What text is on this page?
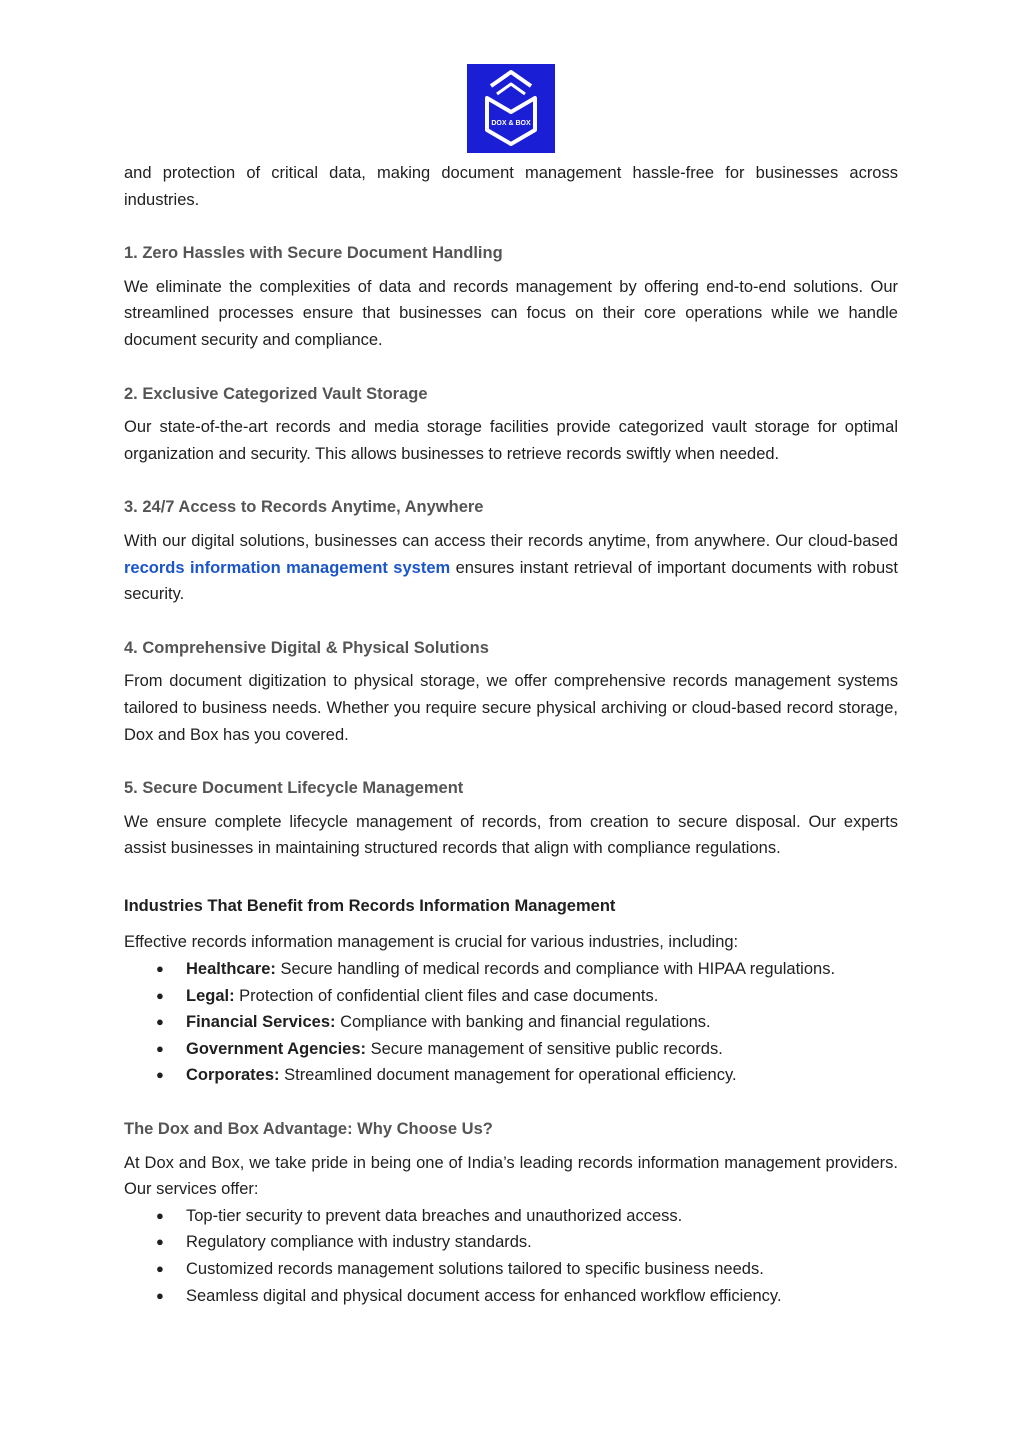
DOX & BOX

and protection of critical data, making document management hassle-free for businesses across industries.

1. Zero Hassles with Secure Document Handling

We eliminate the complexities of data and records management by offering end-to-end solutions. Our streamlined processes ensure that businesses can focus on their core operations while we handle document security and compliance.

2. Exclusive Categorized Vault Storage

Our state-of-the-art records and media storage facilities provide categorized vault storage for optimal organization and security. This allows businesses to retrieve records swiftly when needed.

3. 24/7 Access to Records Anytime, Anywhere

With our digital solutions, businesses can access their records anytime, from anywhere. Our cloud-based records information management system ensures instant retrieval of important documents with robust security.

4. Comprehensive Digital & Physical Solutions

From document digitization to physical storage, we offer comprehensive records management systems tailored to business needs. Whether you require secure physical archiving or cloud-based record storage, Dox and Box has you covered.

5. Secure Document Lifecycle Management

We ensure complete lifecycle management of records, from creation to secure disposal. Our experts assist businesses in maintaining structured records that align with compliance regulations.

Industries That Benefit from Records Information Management

Effective records information management is crucial for various industries, including:

● Healthcare: Secure handling of medical records and compliance with HIPAA regulations.
● Legal: Protection of confidential client files and case documents.
● Financial Services: Compliance with banking and financial regulations.
● Government Agencies: Secure management of sensitive public records.
● Corporates: Streamlined document management for operational efficiency.
The Dox and Box Advantage: Why Choose Us?

At Dox and Box, we take pride in being one of India’s leading records information management providers. Our services offer:

● Top-tier security to prevent data breaches and unauthorized access.
● Regulatory compliance with industry standards.
● Customized records management solutions tailored to specific business needs.
● Seamless digital and physical document access for enhanced workflow efficiency.
